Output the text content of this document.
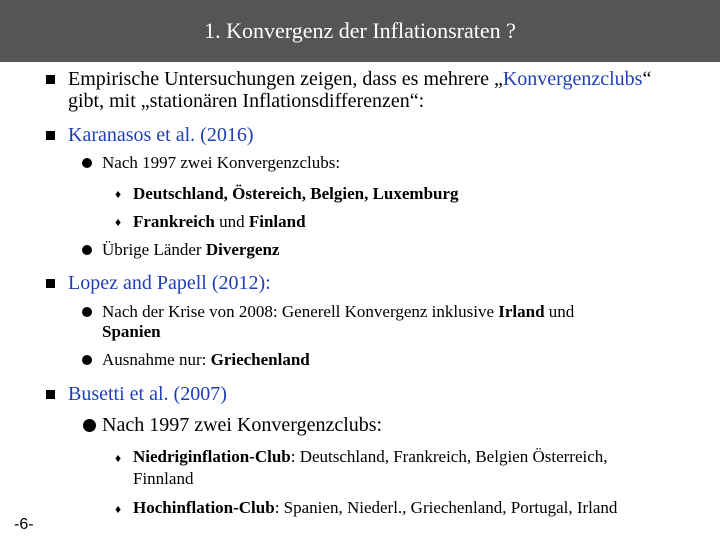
1. Konvergenz der Inflationsraten ?
Empirische Untersuchungen zeigen, dass es mehrere „Konvergenzclubs“
gibt, mit „stationären Inflationsdifferenzen“:
Karanasos et al. (2016)
Nach 1997 zwei Konvergenzclubs:
♦ Deutschland, Östereich, Belgien, Luxemburg
♦ Frankreich und Finland
Übrige Länder Divergenz
Lopez and Papell (2012):
Nach der Krise von 2008: Generell Konvergenz inklusive Irland und
Spanien
Ausnahme nur: Griechenland
Busetti et al. (2007)
Nach 1997 zwei Konvergenzclubs:
♦ Niedriginflation-Club: Deutschland, Frankreich, Belgien Österreich,
Finnland
♦ Hochinflation-Club: Spanien, Niederl., Griechenland, Portugal, Irland
-6-
